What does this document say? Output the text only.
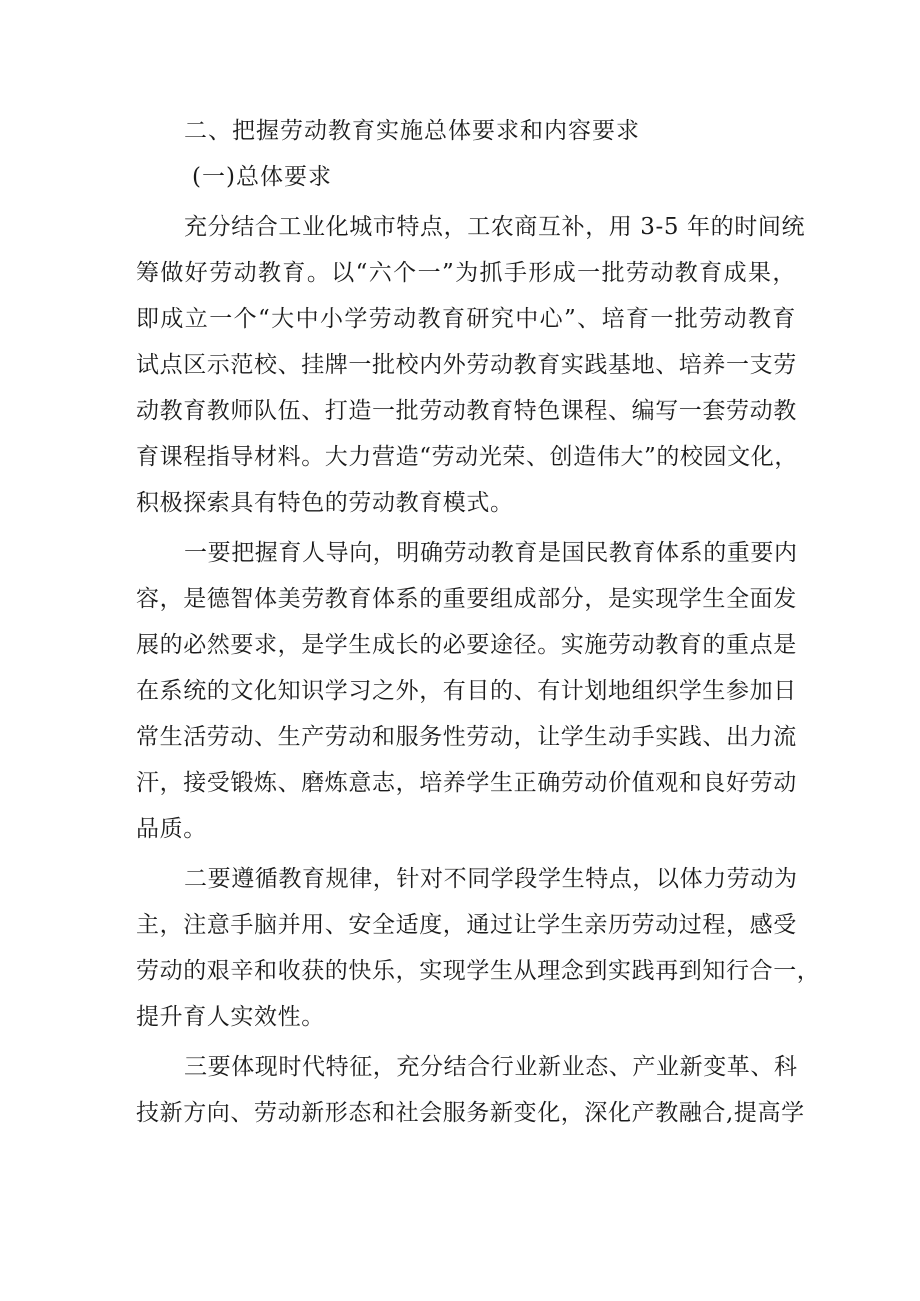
二、把握劳动教育实施总体要求和内容要求
(一)总体要求
充分结合工业化城市特点，工农商互补，用 3-5 年的时间统
筹做好劳动教育。以“六个一”为抓手形成一批劳动教育成果，
即成立一个“大中小学劳动教育研究中心”、培育一批劳动教育
试点区示范校、挂牌一批校内外劳动教育实践基地、培养一支劳
动教育教师队伍、打造一批劳动教育特色课程、编写一套劳动教
育课程指导材料。大力营造“劳动光荣、创造伟大”的校园文化，
积极探索具有特色的劳动教育模式。
一要把握育人导向，明确劳动教育是国民教育体系的重要内
容，是德智体美劳教育体系的重要组成部分，是实现学生全面发
展的必然要求，是学生成长的必要途径。实施劳动教育的重点是
在系统的文化知识学习之外，有目的、有计划地组织学生参加日
常生活劳动、生产劳动和服务性劳动，让学生动手实践、出力流
汗，接受锻炼、磨炼意志，培养学生正确劳动价值观和良好劳动
品质。
二要遵循教育规律，针对不同学段学生特点，以体力劳动为
主，注意手脑并用、安全适度，通过让学生亲历劳动过程，感受
劳动的艰辛和收获的快乐，实现学生从理念到实践再到知行合一，
提升育人实效性。
三要体现时代特征，充分结合行业新业态、产业新变革、科
技新方向、劳动新形态和社会服务新变化，深化产教融合,提高学
